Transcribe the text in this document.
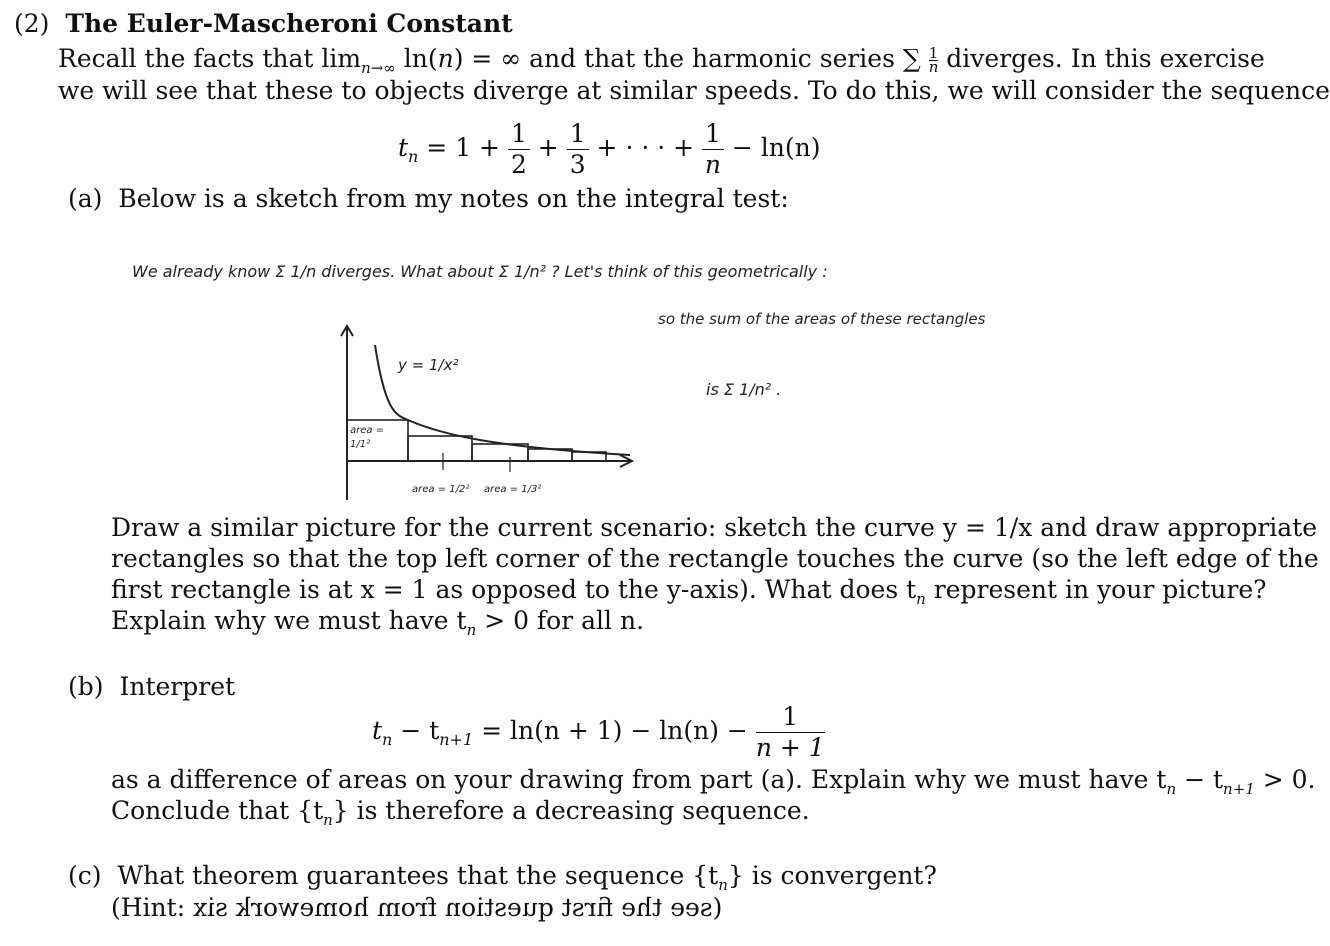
(2) The Euler-Mascheroni Constant
Recall the facts that $\lim_{n\to\infty} \ln(n)$ = ∞ and that the harmonic series ∑ $\frac{1}{n}$ diverges. In this exercise
we will see that these to objects diverge at similar speeds. To do this, we will consider the sequence
$t_n = 1 + \frac{1}{2} + \frac{1}{3}$ + · · · + $\frac{1}{n} - \ln(n)$
(a) Below is a sketch from my notes on the integral test:
We already know Σ 1/n diverges. What about Σ 1/n² ? Let's think of this geometrically :
y = 1/x²
area = 1/1²
area = 1/2² area = 1/3²
so the sum of the areas of these rectangles
is Σ 1/n² .
Draw a similar picture for the current scenario: sketch the curve y = 1/x and draw appropriate
rectangles so that the top left corner of the rectangle touches the curve (so the left edge of the
first rectangle is at x = 1 as opposed to the y-axis). What does $t_n$ represent in your picture?
Explain why we must have $t_n > 0$ for all n.
(b) Interpret
$t_n - t_{n+1} = \ln(n + 1) - \ln(n) - \frac{1}{n + 1}$
as a difference of areas on your drawing from part (a). Explain why we must have $t_n - t_{n+1} > 0$.
Conclude that $\{t_n\}$ is therefore a decreasing sequence.
(c) What theorem guarantees that the sequence $\{t_n\}$ is convergent?
(Hint: see the first question from homework six)
